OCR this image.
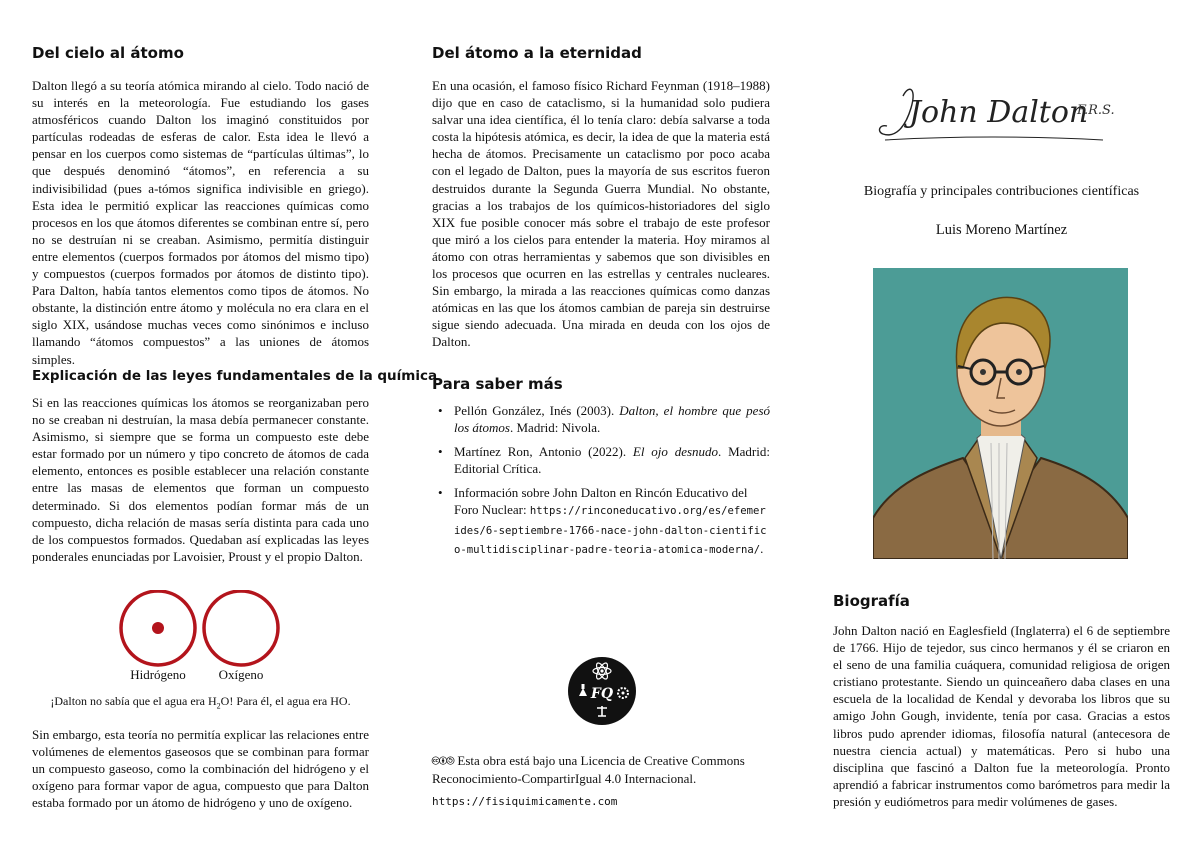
Del cielo al átomo

Dalton llegó a su teoría atómica mirando al cielo. Todo nació de su interés en la meteorología. Fue estudiando los gases atmosféricos cuando Dalton los imaginó constituidos por partículas rodeadas de esferas de calor. Esta idea le llevó a pensar en los cuerpos como sistemas de “partículas últimas”, lo que después denominó “átomos”, en referencia a su indivisibilidad (pues a-tómos significa indivisible en griego). Esta idea le permitió explicar las reacciones químicas como procesos en los que átomos diferentes se combinan entre sí, pero no se destruían ni se creaban. Asimismo, permitía distinguir entre elementos (cuerpos formados por átomos del mismo tipo) y compuestos (cuerpos formados por átomos de distinto tipo). Para Dalton, había tantos elementos como tipos de átomos. No obstante, la distinción entre átomo y molécula no era clara en el siglo XIX, usándose muchas veces como sinónimos e incluso llamando “átomos compuestos” a las uniones de átomos simples.

Explicación de las leyes fundamentales de la química

Si en las reacciones químicas los átomos se reorganizaban pero no se creaban ni destruían, la masa debía permanecer constante. Asimismo, si siempre que se forma un compuesto este debe estar formado por un número y tipo concreto de átomos de cada elemento, entonces es posible establecer una relación constante entre las masas de elementos que forman un compuesto determinado. Si dos elementos podían formar más de un compuesto, dicha relación de masas sería distinta para cada uno de los compuestos formados. Quedaban así explicadas las leyes ponderales enunciadas por Lavoisier, Proust y el propio Dalton.

Hidrógeno	Oxígeno
¡Dalton no sabía que el agua era $H_2O$! Para él, el agua era HO.

Sin embargo, esta teoría no permitía explicar las relaciones entre volúmenes de elementos gaseosos que se combinan para formar un compuesto gaseoso, como la combinación del hidrógeno y el oxígeno para formar vapor de agua, compuesto que para Dalton estaba formado por un átomo de hidrógeno y uno de oxígeno.

Del átomo a la eternidad

En una ocasión, el famoso físico Richard Feynman (1918–1988) dijo que en caso de cataclismo, si la humanidad solo pudiera salvar una idea científica, él lo tenía claro: debía salvarse a toda costa la hipótesis atómica, es decir, la idea de que la materia está hecha de átomos. Precisamente un cataclismo por poco acaba con el legado de Dalton, pues la mayoría de sus escritos fueron destruidos durante la Segunda Guerra Mundial. No obstante, gracias a los trabajos de los químicos-historiadores del siglo XIX fue posible conocer más sobre el trabajo de este profesor que miró a los cielos para entender la materia. Hoy miramos al átomo con otras herramientas y sabemos que son divisibles en los procesos que ocurren en las estrellas y centrales nucleares. Sin embargo, la mirada a las reacciones químicas como danzas atómicas en las que los átomos cambian de pareja sin destruirse sigue siendo adecuada. Una mirada en deuda con los ojos de Dalton.

Para saber más
• Pellón González, Inés (2003). Dalton, el hombre que pesó los átomos. Madrid: Nivola.
• Martínez Ron, Antonio (2022). El ojo desnudo. Madrid: Editorial Crítica.
• Información sobre John Dalton en Rincón Educativo del Foro Nuclear: https://rinconeducativo.org/es/efemerides/6-septiembre-1766-nace-john-dalton-cientifico-multidisciplinar-padre-teoria-atomica-moderna/.
FQ
🅭🅯🄎 Esta obra está bajo una Licencia de Creative Commons Reconocimiento-CompartirIgual 4.0 Internacional.
https://fisiquimicamente.com
John Dalton
F.R.S.
Biografía y principales contribuciones científicas
Luis Moreno Martínez
Biografía

John Dalton nació en Eaglesfield (Inglaterra) el 6 de septiembre de 1766. Hijo de tejedor, sus cinco hermanos y él se criaron en el seno de una familia cuáquera, comunidad religiosa de origen cristiano protestante. Siendo un quinceañero daba clases en una escuela de la localidad de Kendal y devoraba los libros que su amigo John Gough, invidente, tenía por casa. Gracias a estos libros pudo aprender idiomas, filosofía natural (antecesora de nuestra ciencia actual) y matemáticas. Pero si hubo una disciplina que fascinó a Dalton fue la meteorología. Pronto aprendió a fabricar instrumentos como barómetros para medir la presión y eudiómetros para medir volúmenes de gases.
